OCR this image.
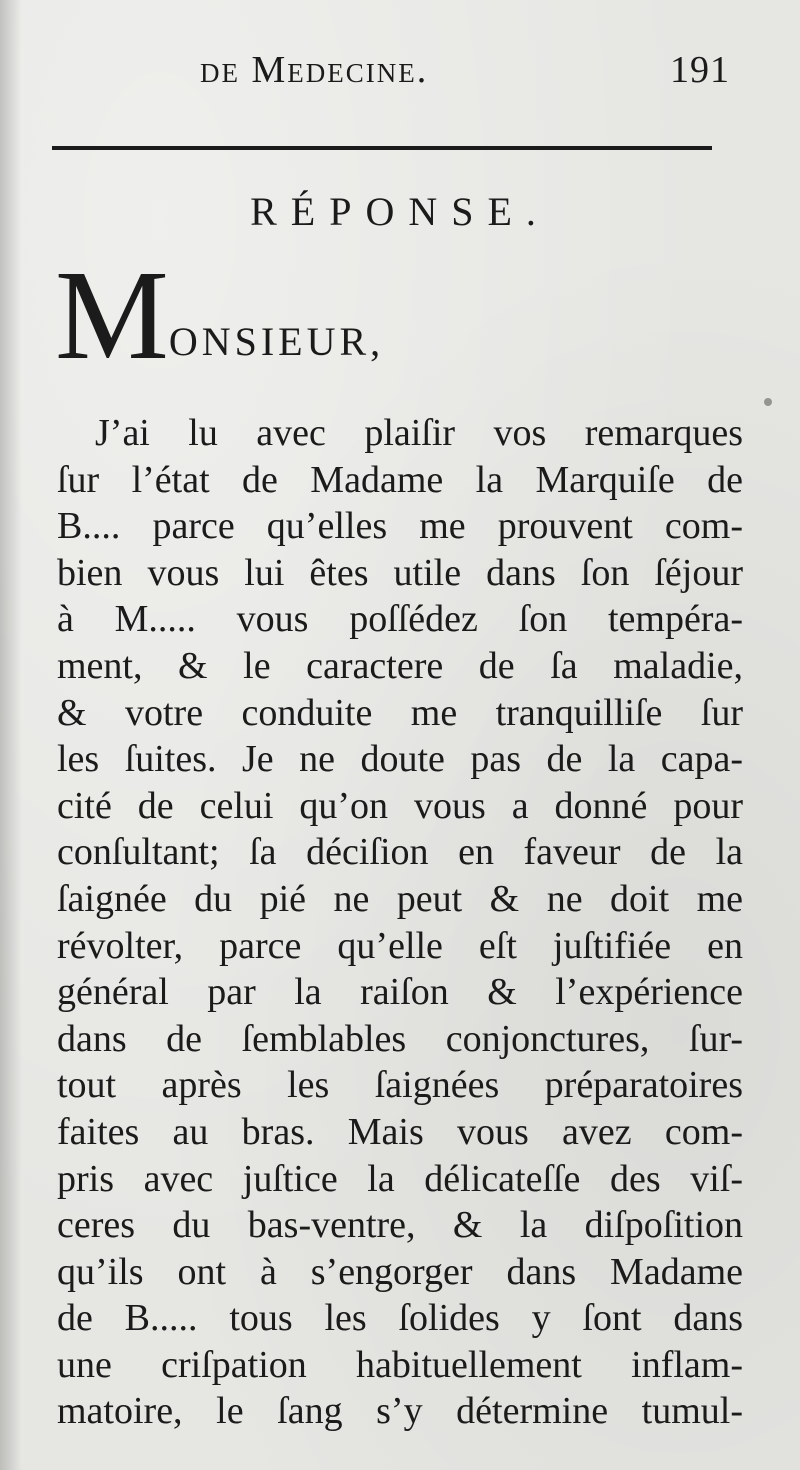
de Medecine.	191
RÉPONSE.
MONSIEUR,
J’ai lu avec plaiſir vos remarques
ſur l’état de Madame la Marquiſe de
B.... parce qu’elles me prouvent com-
bien vous lui êtes utile dans ſon ſéjour
à M..... vous poſſédez ſon tempéra-
ment, & le caractere de ſa maladie,
& votre conduite me tranquilliſe ſur
les ſuites. Je ne doute pas de la capa-
cité de celui qu’on vous a donné pour
conſultant; ſa déciſion en faveur de la
ſaignée du pié ne peut & ne doit me
révolter, parce qu’elle eſt juſtifiée en
général par la raiſon & l’expérience
dans de ſemblables conjonctures, ſur-
tout après les ſaignées préparatoires
faites au bras. Mais vous avez com-
pris avec juſtice la délicateſſe des viſ-
ceres du bas-ventre, & la diſpoſition
qu’ils ont à s’engorger dans Madame
de B..... tous les ſolides y ſont dans
une criſpation habituellement inflam-
matoire, le ſang s’y détermine tumul-
